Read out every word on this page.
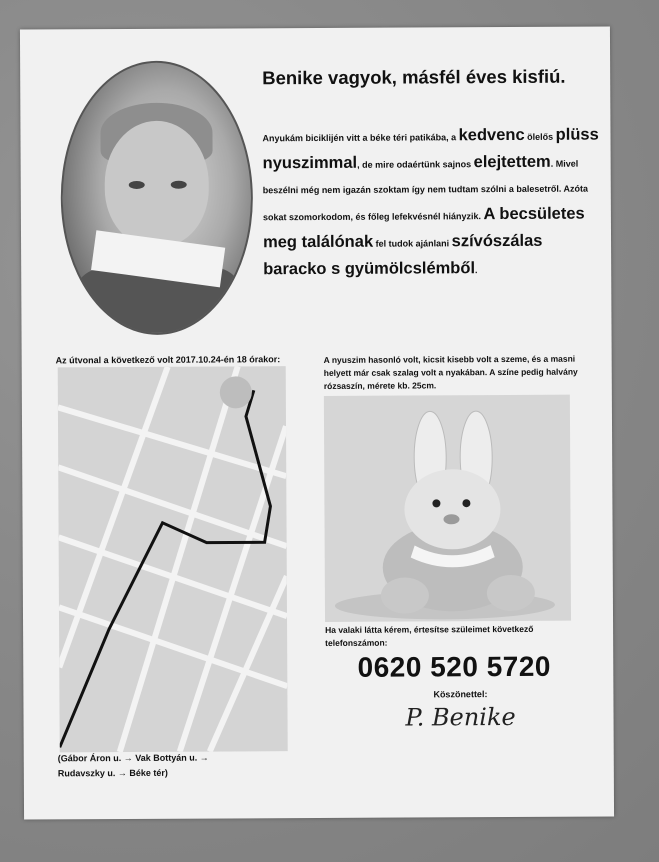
Benike vagyok, másfél éves kisfiú.

Anyukám biciklijén vitt a béke téri patikába, a kedvenc ölelős plüss nyuszimmal, de mire odaértünk sajnos elejtettem. Mivel beszélni még nem igazán szoktam így nem tudtam szólni a balesetről. Azóta sokat szomorkodom, és főleg lefekvésnél hiányzik. A becsületes meg találónak fel tudok ajánlani szívószálas baracko s gyümölcslémből.

Az útvonal a következő volt 2017.10.24-én 18 órakor:
(Gábor Áron u. → Vak Bottyán u. → Rudavszky u. → Béke tér)
A nyuszim hasonló volt, kicsit kisebb volt a szeme, és a masni helyett már csak szalag volt a nyakában. A színe pedig halvány rózsaszín, mérete kb. 25cm.
Ha valaki látta kérem, értesítse szüleimet következő telefonszámon:
0620 520 5720
Köszönettel:
P. Benike
